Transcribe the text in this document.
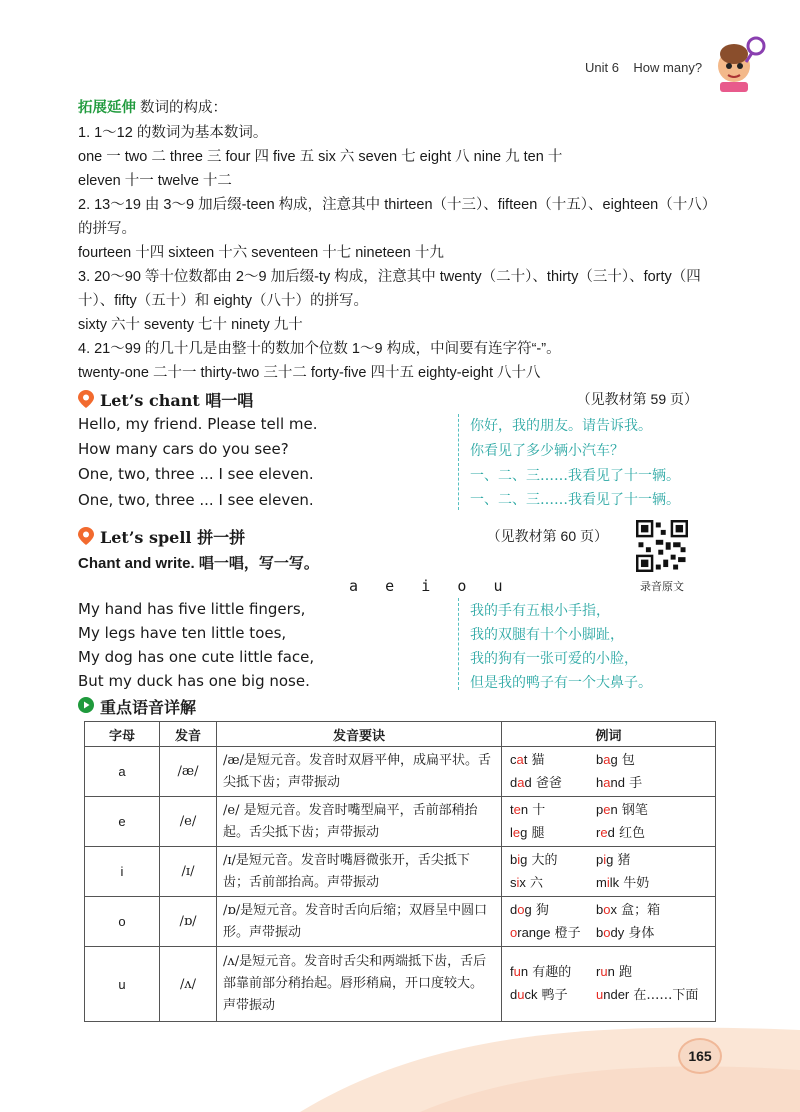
Unit 6 How many?
拓展延伸 数词的构成：
1. 1～12 的数词为基本数词。
one 一 two 二 three 三 four 四 five 五 six 六 seven 七 eight 八 nine 九 ten 十
eleven 十一 twelve 十二
2. 13～19 由 3～9 加后缀-teen 构成，注意其中 thirteen（十三）、fifteen（十五）、eighteen（十八）
的拼写。
fourteen 十四 sixteen 十六 seventeen 十七 nineteen 十九
3. 20～90 等十位数都由 2～9 加后缀-ty 构成，注意其中 twenty（二十）、thirty（三十）、forty（四
十）、fifty（五十）和 eighty（八十）的拼写。
sixty 六十 seventy 七十 ninety 九十
4. 21～99 的几十几是由整十的数加个位数 1～9 构成，中间要有连字符“-”。
twenty-one 二十一 thirty-two 三十二 forty-five 四十五 eighty-eight 八十八
Let’s chant 唱一唱	（见教材第 59 页）
Hello, my friend. Please tell me.
How many cars do you see?
One, two, three ... I see eleven.
One, two, three ... I see eleven.
你好，我的朋友。请告诉我。
你看见了多少辆小汽车？
一、二、三……我看见了十一辆。
一、二、三……我看见了十一辆。
Let’s spell 拼一拼	（见教材第 60 页）
Chant and write. 唱一唱，写一写。
a   e   i   o   u	录音原文
My hand has five little fingers,
My legs have ten little toes,
My dog has one cute little face,
But my duck has one big nose.
我的手有五根小手指，
我的双腿有十个小脚趾，
我的狗有一张可爱的小脸，
但是我的鸭子有一个大鼻子。
重点语音详解
字母	发音	发音要诀	例词
a	/æ/	/æ/是短元音。发音时双唇平伸，成扁平状。舌尖抵下齿；声带振动	cat 猫 bag 包
dad 爸爸 hand 手

e	/e/	/e/ 是短元音。发音时嘴型扁平，舌前部稍抬起。舌尖抵下齿；声带振动	ten 十 pen 钢笔
leg 腿 red 红色

i	/ɪ/	/ɪ/是短元音。发音时嘴唇微张开，舌尖抵下齿；舌前部抬高。声带振动	big 大的 pig 猪
six 六 milk 牛奶

o	/ɒ/	/ɒ/是短元音。发音时舌向后缩；双唇呈中圆口形。声带振动	dog 狗 box 盒；箱
orange 橙子 body 身体

u	/ʌ/	/ʌ/是短元音。发音时舌尖和两端抵下齿，舌后部靠前部分稍抬起。唇形稍扁，开口度较大。声带振动	fun 有趣的 run 跑
duck 鸭子 under 在……下面
165
